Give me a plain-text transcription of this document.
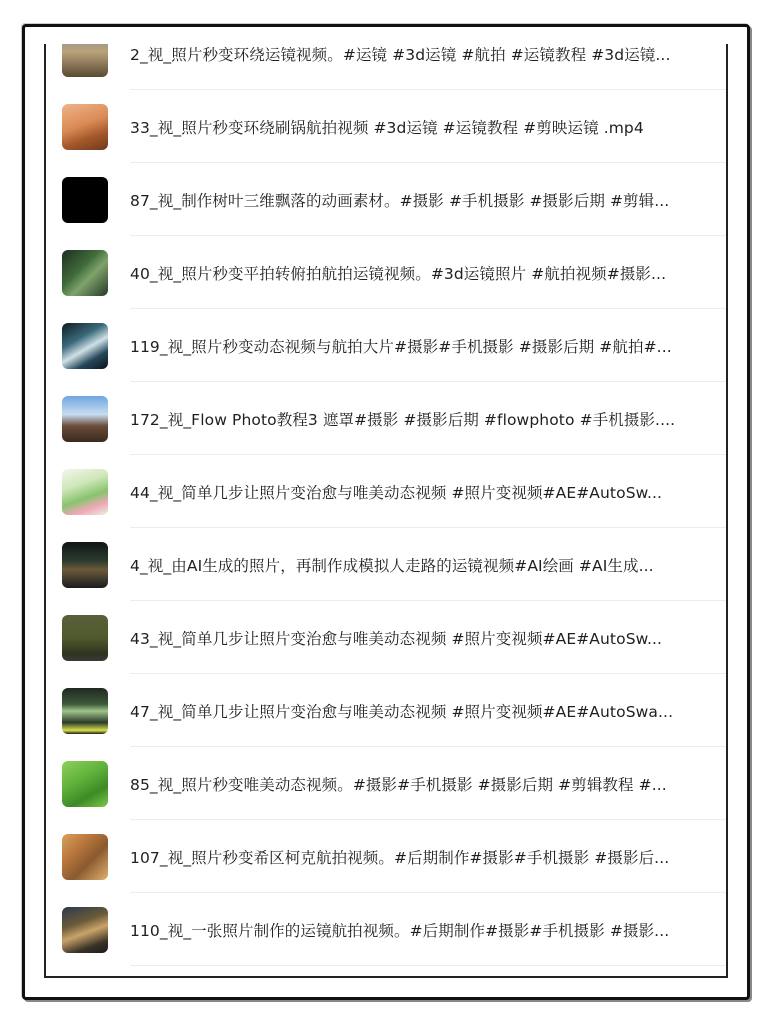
2_视_照片秒变环绕运镜视频。#运镜 #3d运镜 #航拍 #运镜教程 #3d运镜...
33_视_照片秒变环绕刷锅航拍视频 #3d运镜 #运镜教程 #剪映运镜 .mp4
87_视_制作树叶三维飘落的动画素材。#摄影 #手机摄影 #摄影后期 #剪辑...
40_视_照片秒变平拍转俯拍航拍运镜视频。#3d运镜照片 #航拍视频#摄影...
119_视_照片秒变动态视频与航拍大片#摄影#手机摄影 #摄影后期 #航拍#...
172_视_Flow Photo教程3 遮罩#摄影 #摄影后期 #flowphoto #手机摄影....
44_视_简单几步让照片变治愈与唯美动态视频 #照片变视频#AE#AutoSw...
4_视_由AI生成的照片，再制作成模拟人走路的运镜视频#AI绘画 #AI生成...
43_视_简单几步让照片变治愈与唯美动态视频 #照片变视频#AE#AutoSw...
47_视_简单几步让照片变治愈与唯美动态视频 #照片变视频#AE#AutoSwa...
85_视_照片秒变唯美动态视频。#摄影#手机摄影 #摄影后期 #剪辑教程 #...
107_视_照片秒变希区柯克航拍视频。#后期制作#摄影#手机摄影 #摄影后...
110_视_一张照片制作的运镜航拍视频。#后期制作#摄影#手机摄影 #摄影...
